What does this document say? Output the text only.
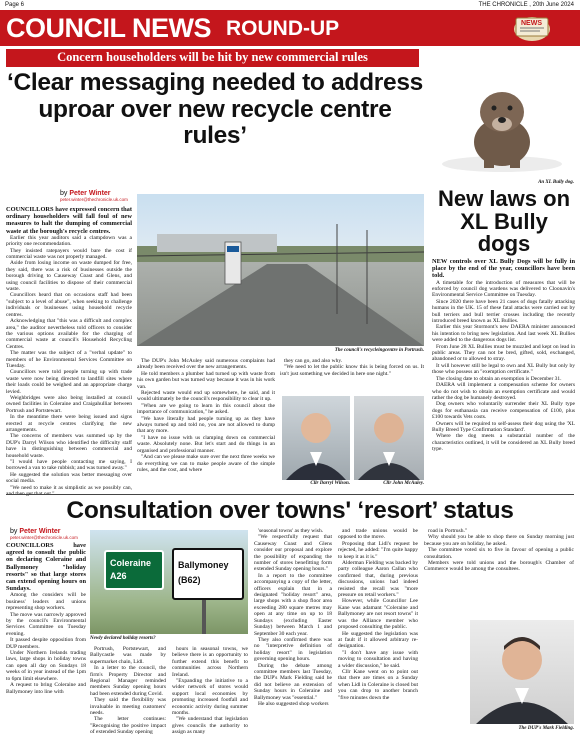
Page 6	THE CHRONICLE , 20th June 2024
COUNCIL NEWS ROUND-UP	NEWS
Concern householders will be hit by new commercial rules
‘Clear messaging needed to address uproar over new recycle centre rules’
by Peter Winter
peter.winter@thechronicle.uk.com

COUNCILLORS have expressed concern that ordinary householders will fall foul of new measures to halt the dumping of commercial waste at the borough's recycle centres.

Earlier this year auditors said a clampdown was a priority one recommendation.

They insisted ratepayers would bare the cost if commercial waste was not properly managed.

Aside from losing income on waste dumped for free, they said, there was a risk of businesses outside the borough driving to Causeway Coast and Glens, and using council facilities to dispose of their commercial waste.

Councillors heard that on occasions staff had been "subject to a level of abuse", when seeking to challenge individuals or businesses using household recycle centres.

Acknowledging that "this was a difficult and complex area," the auditor nevertheless told officers to consider the various options available for the charging of commercial waste at council's Household Recycling Centres.

The matter was the subject of a "verbal update" to members of he Environmental Services Committee on Tuesday.

Councillors were told people turning up with trade waste were now being directed to landfill sites where their loads could be weighed and an appropriate charge levied.

Weighbridges were also being installed at council owned facilities in Coleraine and Craigahulliar between Portrush and Portstewart.

In the meantime there were being issued and signs erected at recycle centres clarifying the new arrangements.

The concerns of members was summed up by the DUP's Darryl Wilson who identified the difficulty staff have in distinguishing between commercial and household waste.

"I would have people contacting me saying, I borrowed a van to take rubbish; and was turned away."

He suggested the solution was better messaging over social media.

"We need to make it as simplistic as we possibly can,

The council's recycleingcentre in Portrush.

The DUP's John McAuley said numerous complaints had already been received over the new arrangements.

He told members a plumber had turned up with waste from his own garden but was turned way because it was in his work van.

Rejected waste would end up somewhere, he said, and it would ultimately be the council's responsibility to clear it up.

"When are we going to learn in this council about the importance of communication," he asked.

"We have literally had people turning up as they have always turned up and told no, you are not allowed to dump that any more.

"I have no issue with us clamping down on commercial waste. Absolutely none. But let's start and do things in an organised and professional manner.

"And can we please make sure over the next three weeks we do everything we can to make people aware of the simple rules, and the cost, and where

they can go, and also why.

"We need to let the public know this is being forced on us. It isn't just something we decided in here one night."

Cllr Darryl Wilson.	Cllr John McAuley.
An XL Bully dog.
New laws on XL Bully dogs

NEW controls over XL Bully Dogs will be fully in place by the end of the year, councillors have been told.

A timetable for the introduction of measures that will be enforced by council dog wardens was delivered to Cloonavin's Environmental Service Committee on Tuesday.

Since 2020 there have been 21 cases of dogs fatally attacking humans in the UK. 15 of these fatal attacks were carried out by bull terriers and bull terrier crosses including the recently introduced breed known as XL Bullies.

Earlier this year Stormont's new DAERA minister announced his intention to bring new legislation. And last week XL Bullies were added to the dangerous dogs list.

From June 28 XL Bullies must be muzzled and kept on lead in public areas. They can not be bred, gifted, sold, exchanged, abandoned or to allowed to stray.

It will however still be legal to own and XL Bully but only by those who possess an "exemption certificate."

The closing date to obtain an exemption is December 31.

DAERA will implement a compensation scheme for owners who do not wish to obtain an exemption certificate and would rather the dog be humanely destroyed.

Dog owners who voluntarily surrender their XL Bully type dogs for euthanasia can receive compensation of £100, plus £100 towards Vets costs.

Owners will be required to self-assess their dog using the 'XL Bully Breed Type Confirmation Standard'.

Where the dog meets a substantial number of the characteristics outlined, it will be considered an XL Bully breed type.

Consultation over towns' ‘resort’ status
by Peter Winter
peter.winter@thechronicle.uk.com

COUNCILLORS have agreed to consult the public on declaring Coleraine and Ballymoney "holiday resorts" so that large stores can extend opening hours on Sundays.

Among the considers will be business' leaders and unions representing shop workers.

The move was narrowly approved by the council's Environmental Services Committee on Tuesday evening.

It passed despite opposition from DUP members.

Under Northern Irelands trading laws, large shops in holiday towns can open all day on Sundays 18 weeks of in year instead of the 1pm to 6pm limit elsewhere.

A request to bring Coleraine and Ballymoney into line with

Coleraine A26
Ballymoney (B62)
Newly declared holiday resorts?

Portrush, Portstewart, and Ballycastle was made by supermarket chain, Lidl.

In a letter to the council, the firm's Property Director and Regional Manager reminded members Sunday opening hours had been extended during Covid.

They said the flexibility was invaluable in meeting customers' needs.

The letter continues: "Recognising the positive impact of extended Sunday opening

hours in seasonal towns, we believe there is an opportunity to further extend this benefit to communities across Northern Ireland.

"Expanding the initiative to a wider network of stores would support local economies by promoting increased footfall and economic activity during summer months.

"We understand that legislation gives councils the authority to assign as many

'seasonal towns' as they wish.

"We respectfully request that Causeway Coast and Glens consider our proposal and explore the possibility of expanding the number of stores benefitting form extended Sunday opening hours."

In a report to the committee accompanying a copy of the letter, officers explain that in a designated "holiday resort" area, large shops with a shop floor area exceeding 280 square metres may open at any time on up to 18 Sundays (excluding Easter Sunday) between March 1 and September 30 each year.

They also confirmed there was no "interpretive definition of holiday resort" in legislation governing opening hours.

During the debate among committee members last Tuesday, the DUP's Mark Fielding said he did not believe an extension of Sunday hours in Coleraine and Ballymoney was "essential."

He also suggested shop workers

and trade unions would be opposed to the move.

Proposing that Lidl's request be rejected, he added: "I'm quite happy to keep it as it is."

Alderman Fielding was backed by party colleague Aaron Callan who confirmed that, during previous discussions, unions had indeed resisted the recall was "more pressure on retail workers."

However, while Councillor Lee Kane was adamant "Coleraine and Ballymoney are not resort towns" it was the Alliance member who proposed consulting the public.

He suggested the legislation was at fault if it allowed arbitrary re-designation.

"I don't have any issue with moving to consultation and having a wider discussion," he said.

Cllr Kane went on to point out that there are times on a Sunday when Lidl in Coleraine is closed but you can drop to another branch "five minutes down the

road in Portrush."

Why should you be able to shop there on Sunday morning just because you are on holiday, he asked.

The committee voted six to five in favour of opening a public consultation.

Members were told unions and the borough's Chamber of Commerce would be among the consultees.

The DUP's Mark Fielding.
